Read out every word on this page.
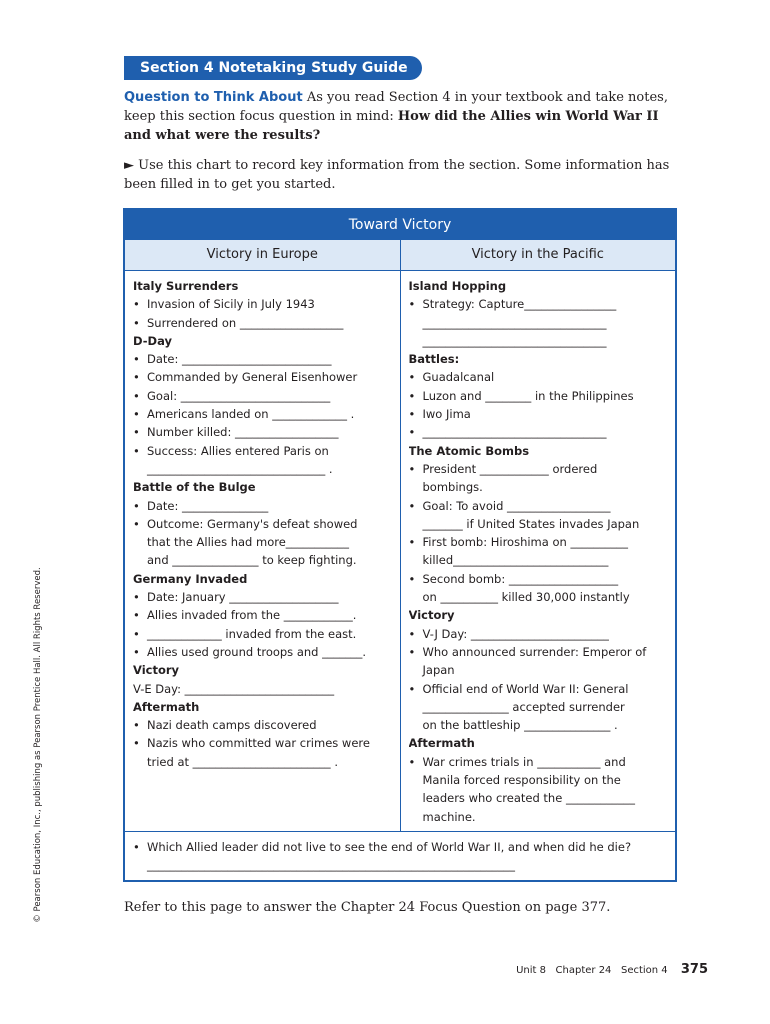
Section 4 Notetaking Study Guide
Question to Think About As you read Section 4 in your textbook and take notes, keep this section focus question in mind: How did the Allies win World War II and what were the results?
► Use this chart to record key information from the section. Some information has been filled in to get you started.
Toward Victory
Victory in Europe	Victory in the Pacific
Italy Surrenders
• Invasion of Sicily in July 1943
• Surrendered on __________________
D-Day
• Date: __________________________
• Commanded by General Eisenhower
• Goal: __________________________
• Americans landed on _____________ .
• Number killed: __________________
• Success: Allies entered Paris on
_______________________________ .
Battle of the Bulge
• Date: _______________
• Outcome: Germany's defeat showed
that the Allies had more___________
and _______________ to keep fighting.
Germany Invaded
• Date: January ___________________
• Allies invaded from the ____________.
• _____________ invaded from the east.
• Allies used ground troops and _______.
Victory
V-E Day: __________________________
Aftermath
• Nazi death camps discovered
• Nazis who committed war crimes were
tried at ________________________ .
Island Hopping
• Strategy: Capture________________
________________________________
________________________________
Battles:
• Guadalcanal
• Luzon and ________ in the Philippines
• Iwo Jima
• ________________________________
The Atomic Bombs
• President ____________ ordered
bombings.
• Goal: To avoid __________________
_______ if United States invades Japan
• First bomb: Hiroshima on __________
killed___________________________
• Second bomb: ___________________
on __________ killed 30,000 instantly
Victory
• V-J Day: ________________________
• Who announced surrender: Emperor of
Japan
• Official end of World War II: General
_______________ accepted surrender
on the battleship _______________ .
Aftermath
• War crimes trials in ___________ and
Manila forced responsibility on the
leaders who created the ____________
machine.
• Which Allied leader did not live to see the end of World War II, and when did he die?
________________________________________________________________
Refer to this page to answer the Chapter 24 Focus Question on page 377.
Unit 8 Chapter 24 Section 4 375
© Pearson Education, Inc., publishing as Pearson Prentice Hall. All Rights Reserved.
